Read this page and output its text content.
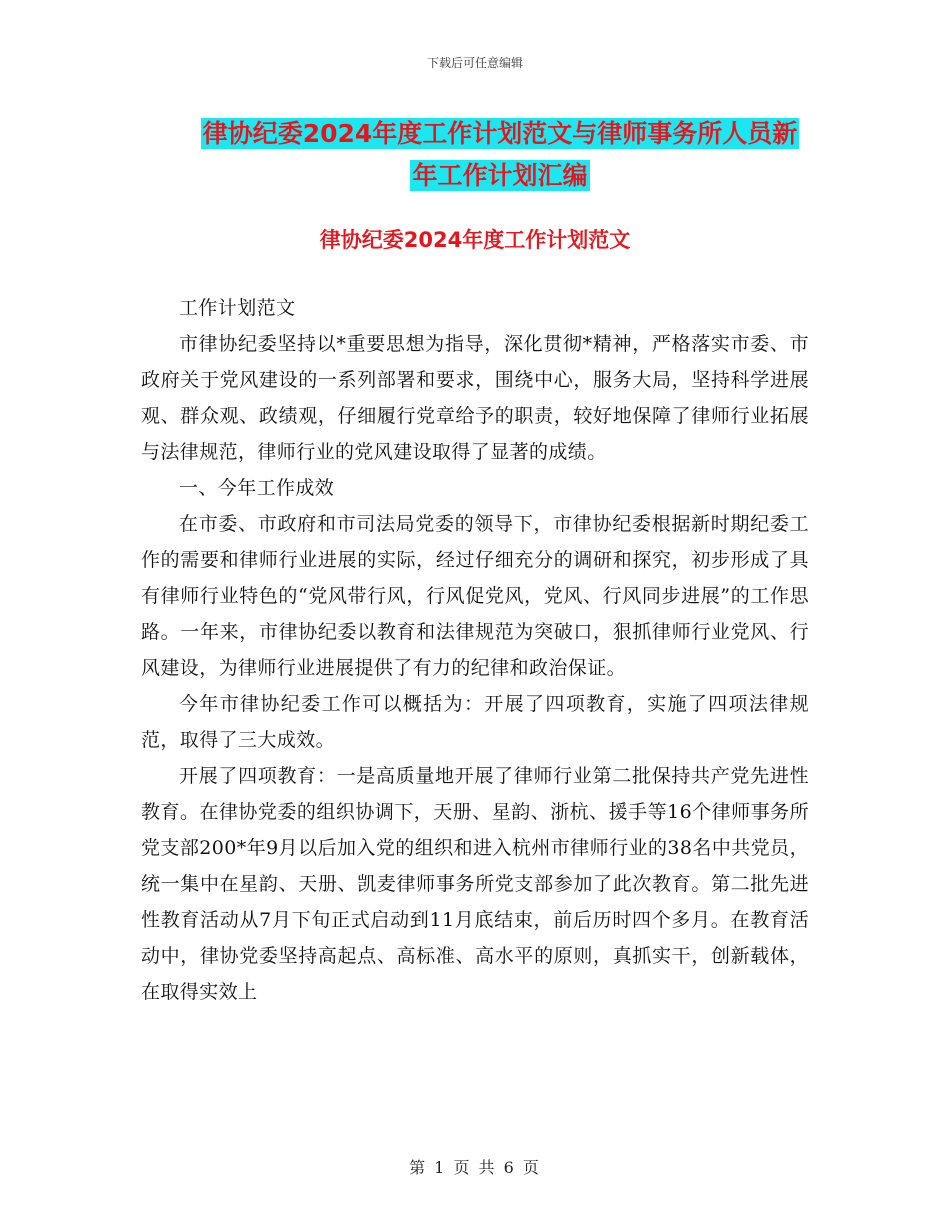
下载后可任意编辑
律协纪委2024年度工作计划范文与律师事务所人员新
年工作计划汇编
律协纪委2024年度工作计划范文

工作计划范文

市律协纪委坚持以*重要思想为指导，深化贯彻*精神，严格落实市委、市政府关于党风建设的一系列部署和要求，围绕中心，服务大局，坚持科学进展观、群众观、政绩观，仔细履行党章给予的职责，较好地保障了律师行业拓展与法律规范，律师行业的党风建设取得了显著的成绩。

一、今年工作成效

在市委、市政府和市司法局党委的领导下，市律协纪委根据新时期纪委工作的需要和律师行业进展的实际，经过仔细充分的调研和探究，初步形成了具有律师行业特色的“党风带行风，行风促党风，党风、行风同步进展”的工作思路。一年来，市律协纪委以教育和法律规范为突破口，狠抓律师行业党风、行风建设，为律师行业进展提供了有力的纪律和政治保证。

今年市律协纪委工作可以概括为：开展了四项教育，实施了四项法律规范，取得了三大成效。

开展了四项教育：一是高质量地开展了律师行业第二批保持共产党先进性教育。在律协党委的组织协调下，天册、星韵、浙杭、援手等16个律师事务所党支部200*年9月以后加入党的组织和进入杭州市律师行业的38名中共党员，统一集中在星韵、天册、凯麦律师事务所党支部参加了此次教育。第二批先进性教育活动从7月下旬正式启动到11月底结束，前后历时四个多月。在教育活动中，律协党委坚持高起点、高标准、高水平的原则，真抓实干，创新载体，在取得实效上

第 1 页 共 6 页
